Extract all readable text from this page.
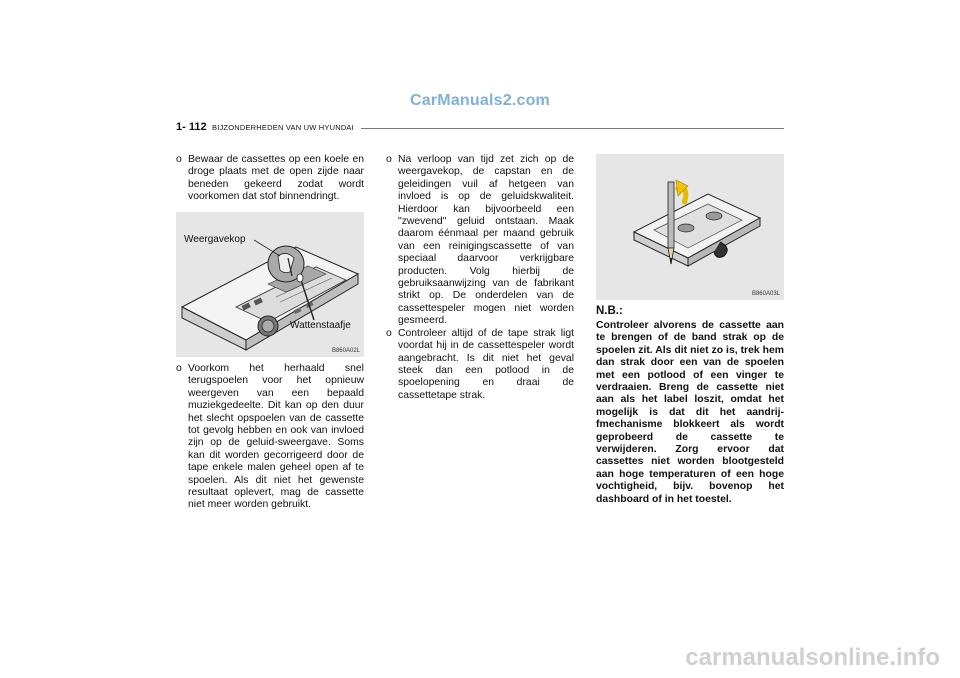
CarManuals2.com
1- 112 BIJZONDERHEDEN VAN UW HYUNDAI

o Bewaar de cassettes op een koele en droge plaats met de open zijde naar beneden gekeerd zodat wordt voorkomen dat stof binnendringt.

Weergavekop
Wattenstaafje
B860A02L

o Voorkom het herhaald snel terugspoelen voor het opnieuw weergeven van een bepaald muziekgedeelte. Dit kan op den duur het slecht opspoelen van de cassette tot gevolg hebben en ook van invloed zijn op de geluid-sweergave. Soms kan dit worden gecorrigeerd door de tape enkele malen geheel open af te spoelen. Als dit niet het gewenste resultaat oplevert, mag de cassette niet meer worden gebruikt.

o Na verloop van tijd zet zich op de weergavekop, de capstan en de geleidingen vuil af hetgeen van invloed is op de geluidskwaliteit. Hierdoor kan bijvoorbeeld een "zwevend" geluid ontstaan. Maak daarom éénmaal per maand gebruik van een reinigingscassette of van speciaal daarvoor verkrijgbare producten. Volg hierbij de gebruiksaanwijzing van de fabrikant strikt op. De onderdelen van de cassettespeler mogen niet worden gesmeerd.

o Controleer altijd of de tape strak ligt voordat hij in de cassettespeler wordt aangebracht. Is dit niet het geval steek dan een potlood in de spoelopening en draai de cassettetape strak.

B860A03L
N.B.:
Controleer alvorens de cassette aan te brengen of de band strak op de spoelen zit. Als dit niet zo is, trek hem dan strak door een van de spoelen met een potlood of een vinger te verdraaien. Breng de cassette niet aan als het label loszit, omdat het mogelijk is dat dit het aandrij-fmechanisme blokkeert als wordt geprobeerd de cassette te verwijderen. Zorg ervoor dat cassettes niet worden blootgesteld aan hoge temperaturen of een hoge vochtigheid, bijv. bovenop het dashboard of in het toestel.
carmanualsonline.info
